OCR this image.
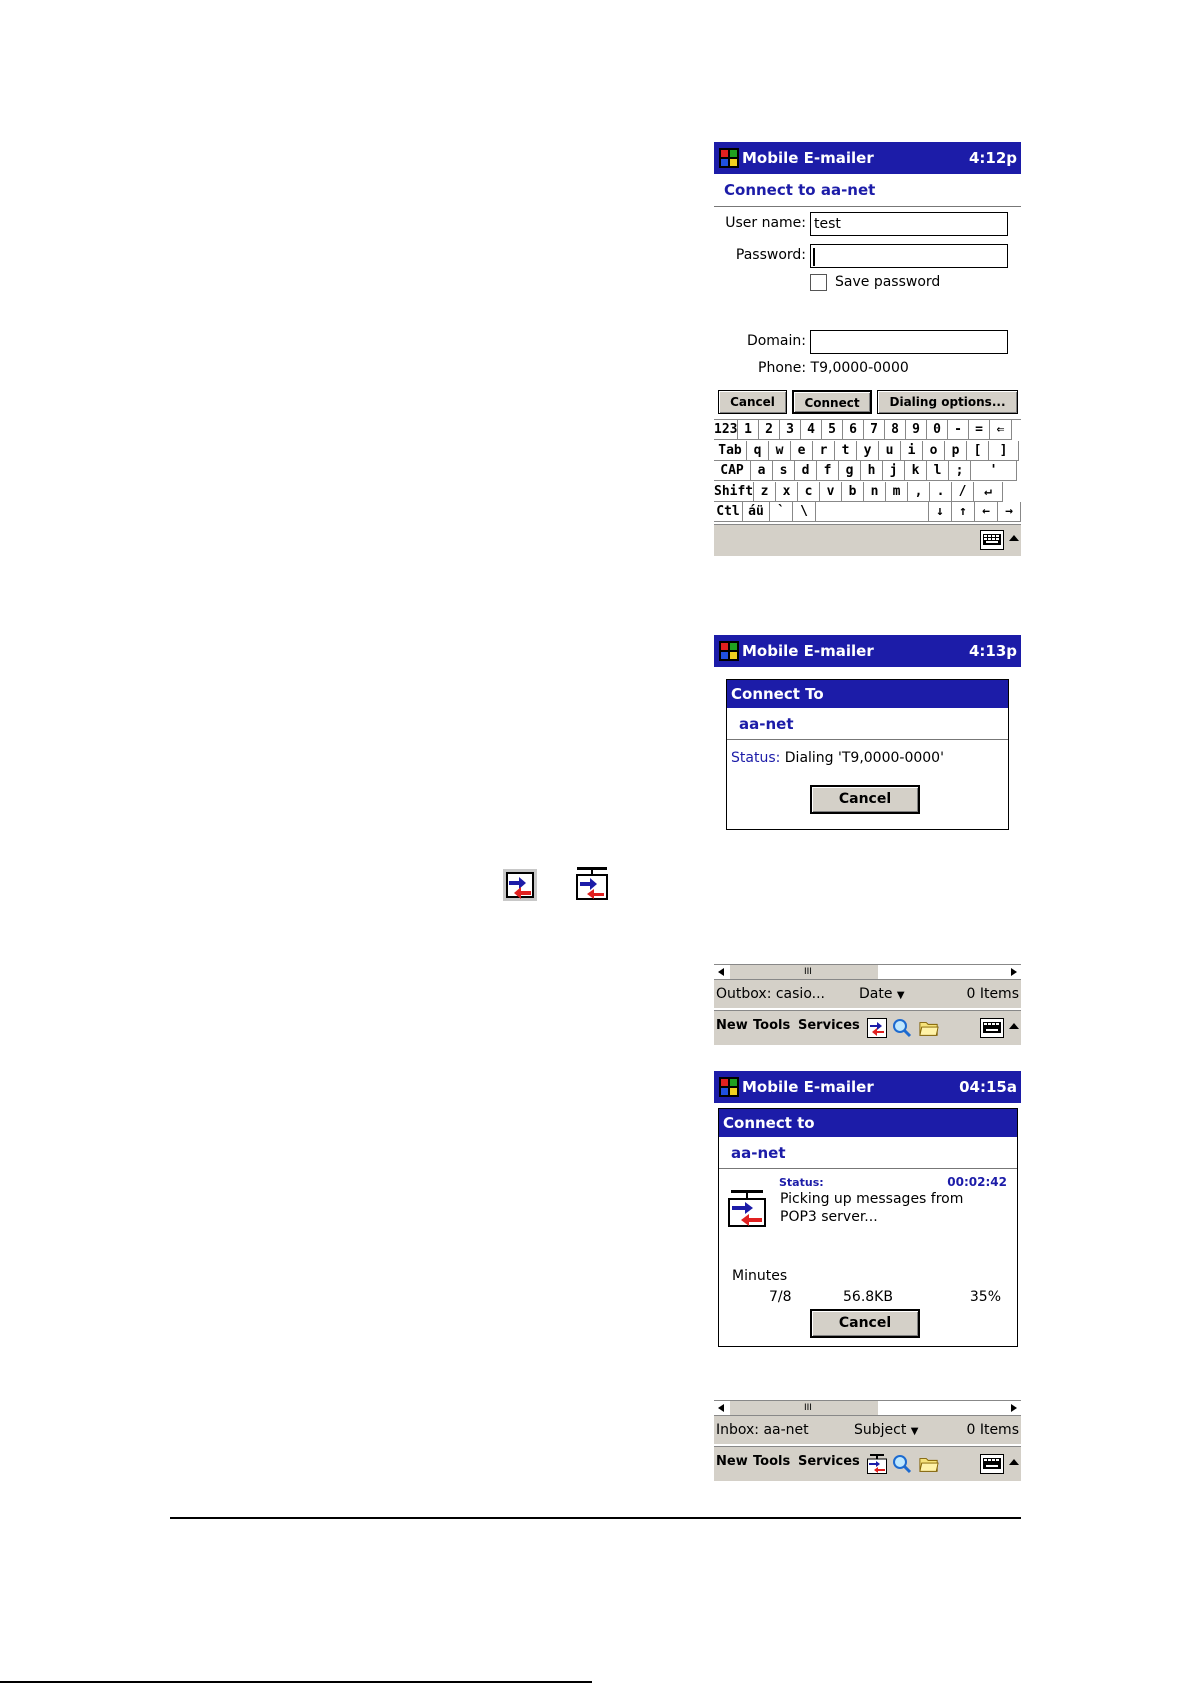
Mobile E-mailer	4:12p
Connect to aa-net
User name: test
Password:
Save password
Domain:
Phone: T9,0000-0000
Cancel	Connect	Dialing options...
123 1	2	3	4	5	6	7	8	9	0	-	=	⇐
Tab q	w	e	r	t	y	u	i	o	p	[	]
CAP	a	s	d	f	g	h	j	k	l	;	'
Shift z	x	c	v	b	n	m	,	.	/	↵
Ctl áü	`	\	↓	↑	←	→
Mobile E-mailer	4:13p
Connect To
aa-net
Status: Dialing 'T9,0000-0000'
Cancel
III
Outbox: casio... Date ▼	0 Items
New Tools Services
Mobile E-mailer	04:15a
Connect to
aa-net
Status:	00:02:42
Picking up messages from
POP3 server...
Minutes
7/8	56.8KB	35%
Cancel
III
Inbox: aa-net	Subject ▼	0 Items
New Tools Services
